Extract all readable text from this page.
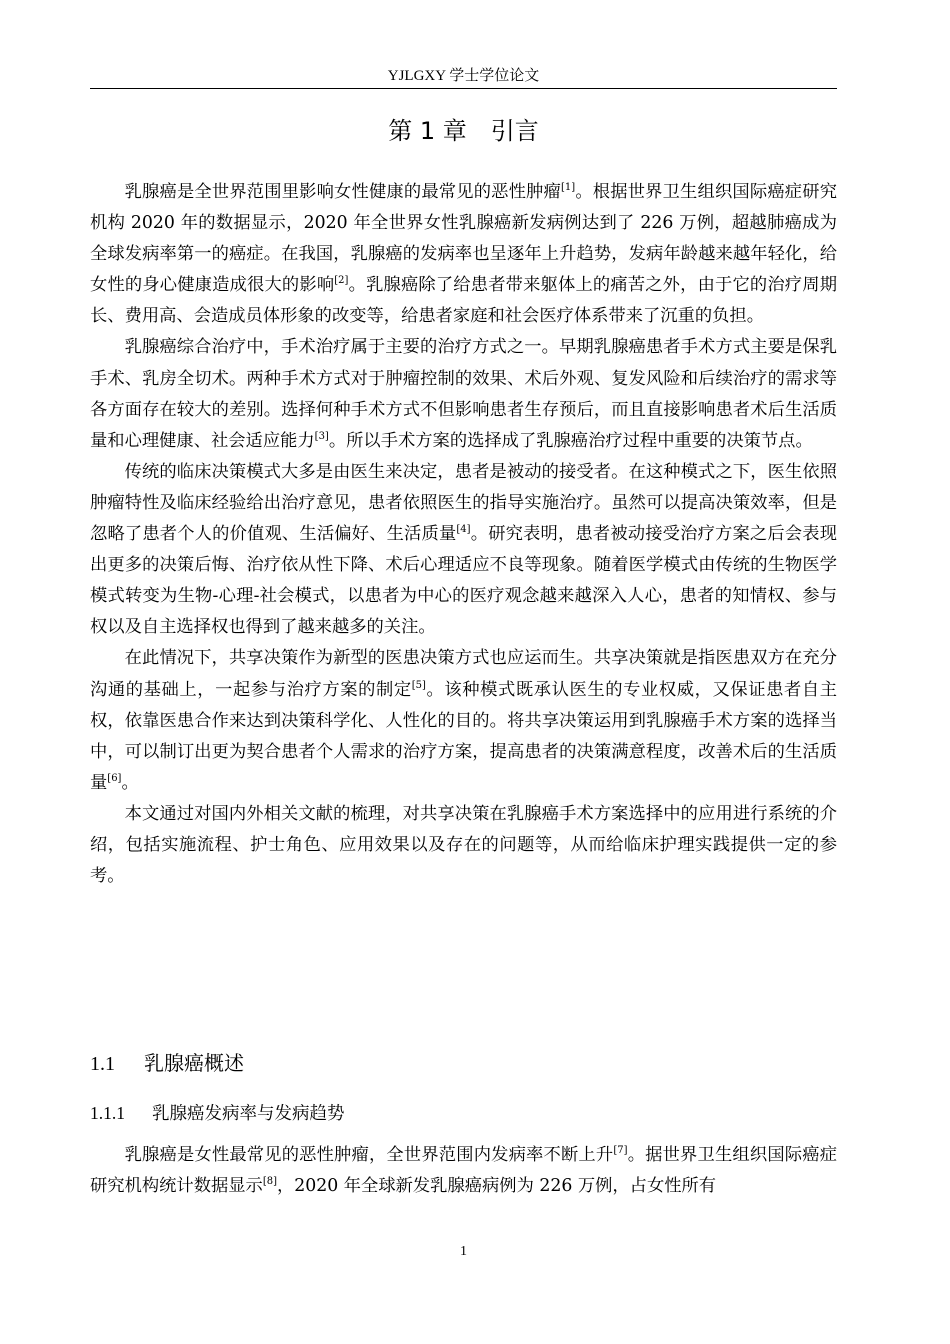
YJLGXY 学士学位论文
第 1 章 引言

乳腺癌是全世界范围里影响女性健康的最常见的恶性肿瘤[1]。根据世界卫生组织国际癌症研究机构 2020 年的数据显示，2020 年全世界女性乳腺癌新发病例达到了 226 万例，超越肺癌成为全球发病率第一的癌症。在我国，乳腺癌的发病率也呈逐年上升趋势，发病年龄越来越年轻化，给女性的身心健康造成很大的影响[2]。乳腺癌除了给患者带来躯体上的痛苦之外，由于它的治疗周期长、费用高、会造成员体形象的改变等，给患者家庭和社会医疗体系带来了沉重的负担。

乳腺癌综合治疗中，手术治疗属于主要的治疗方式之一。早期乳腺癌患者手术方式主要是保乳手术、乳房全切术。两种手术方式对于肿瘤控制的效果、术后外观、复发风险和后续治疗的需求等各方面存在较大的差别。选择何种手术方式不但影响患者生存预后，而且直接影响患者术后生活质量和心理健康、社会适应能力[3]。所以手术方案的选择成了乳腺癌治疗过程中重要的决策节点。

传统的临床决策模式大多是由医生来决定，患者是被动的接受者。在这种模式之下，医生依照肿瘤特性及临床经验给出治疗意见，患者依照医生的指导实施治疗。虽然可以提高决策效率，但是忽略了患者个人的价值观、生活偏好、生活质量[4]。研究表明，患者被动接受治疗方案之后会表现出更多的决策后悔、治疗依从性下降、术后心理适应不良等现象。随着医学模式由传统的生物医学模式转变为生物-心理-社会模式，以患者为中心的医疗观念越来越深入人心，患者的知情权、参与权以及自主选择权也得到了越来越多的关注。

在此情况下，共享决策作为新型的医患决策方式也应运而生。共享决策就是指医患双方在充分沟通的基础上，一起参与治疗方案的制定[5]。该种模式既承认医生的专业权威，又保证患者自主权，依靠医患合作来达到决策科学化、人性化的目的。将共享决策运用到乳腺癌手术方案的选择当中，可以制订出更为契合患者个人需求的治疗方案，提高患者的决策满意程度，改善术后的生活质量[6]。

本文通过对国内外相关文献的梳理，对共享决策在乳腺癌手术方案选择中的应用进行系统的介绍，包括实施流程、护士角色、应用效果以及存在的问题等，从而给临床护理实践提供一定的参考。

1.1 乳腺癌概述
1.1.1 乳腺癌发病率与发病趋势

乳腺癌是女性最常见的恶性肿瘤，全世界范围内发病率不断上升[7]。据世界卫生组织国际癌症研究机构统计数据显示[8]，2020 年全球新发乳腺癌病例为 226 万例，占女性所有

1
